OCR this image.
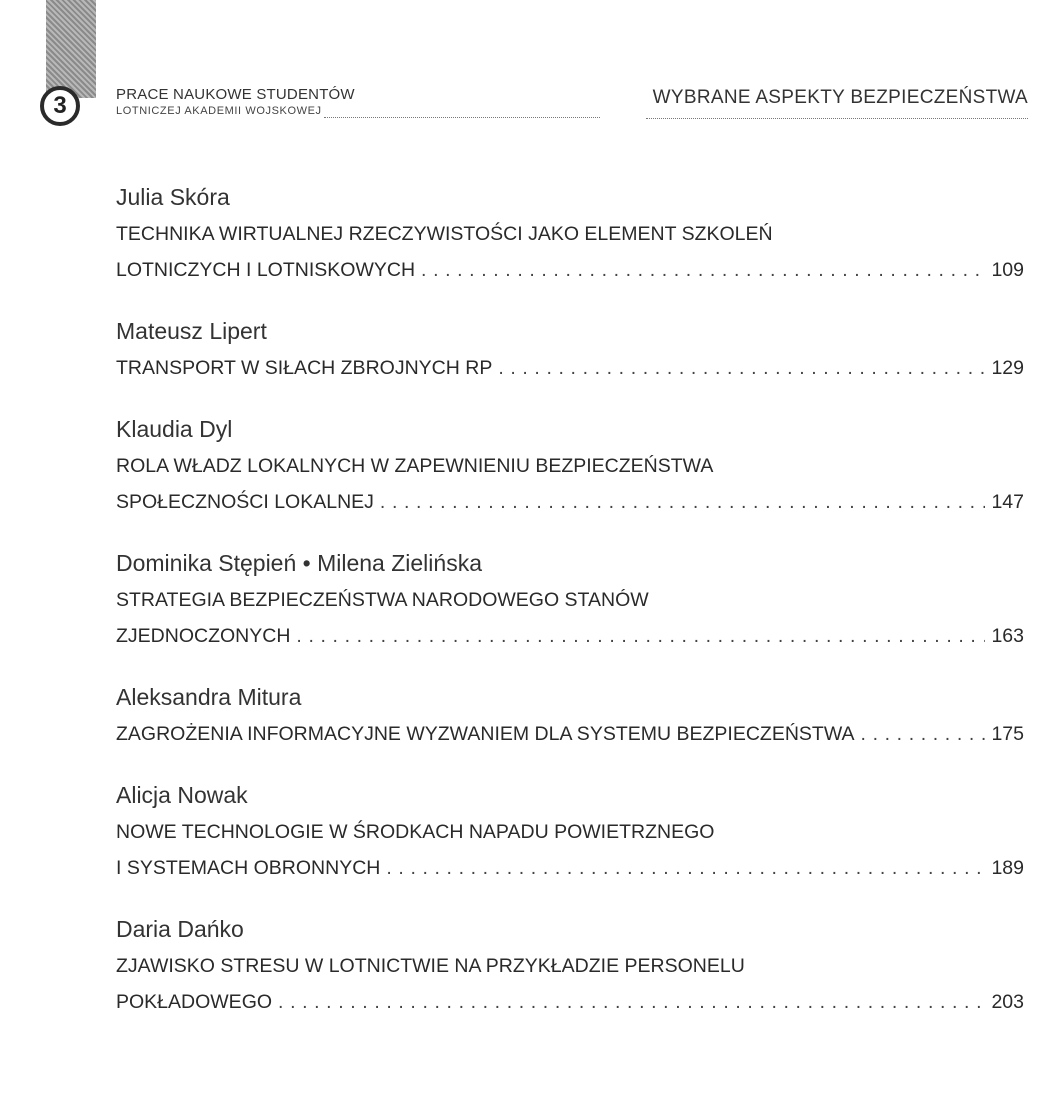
3	PRACE NAUKOWE STUDENTÓW
LOTNICZEJ AKADEMII WOJSKOWEJ
WYBRANE ASPEKTY BEZPIECZEŃSTWA
Julia Skóra
TECHNIKA WIRTUALNEJ RZECZYWISTOŚCI JAKO ELEMENT SZKOLEŃ
LOTNICZYCH I LOTNISKOWYCH . . .	109
Mateusz Lipert
TRANSPORT W SIŁACH ZBROJNYCH RP . . .	129
Klaudia Dyl
ROLA WŁADZ LOKALNYCH W ZAPEWNIENIU BEZPIECZEŃSTWA
SPOŁECZNOŚCI LOKALNEJ . . .	147
Dominika Stępień • Milena Zielińska
STRATEGIA BEZPIECZEŃSTWA NARODOWEGO STANÓW
ZJEDNOCZONYCH . . .	163
Aleksandra Mitura
ZAGROŻENIA INFORMACYJNE WYZWANIEM DLA SYSTEMU BEZPIECZEŃSTWA . . .	175
Alicja Nowak
NOWE TECHNOLOGIE W ŚRODKACH NAPADU POWIETRZNEGO
I SYSTEMACH OBRONNYCH . . .	189
Daria Dańko
ZJAWISKO STRESU W LOTNICTWIE NA PRZYKŁADZIE PERSONELU
POKŁADOWEGO . . .	203
